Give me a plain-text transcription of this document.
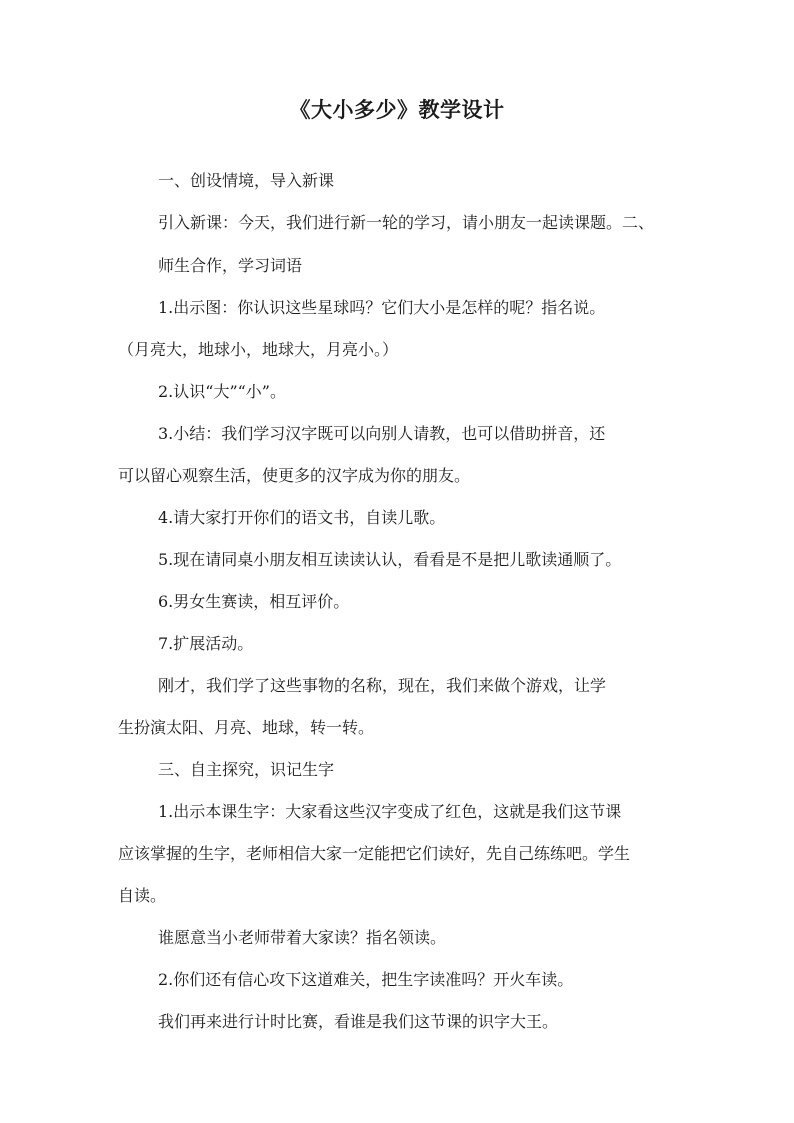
《大小多少》教学设计
一、创设情境，导入新课
引入新课：今天，我们进行新一轮的学习，请小朋友一起读课题。二、
师生合作，学习词语
1.出示图：你认识这些星球吗？它们大小是怎样的呢？指名说。
（月亮大，地球小，地球大，月亮小。）
2.认识“大”“小”。
3.小结：我们学习汉字既可以向别人请教，也可以借助拼音，还
可以留心观察生活，使更多的汉字成为你的朋友。
4.请大家打开你们的语文书，自读儿歌。
5.现在请同桌小朋友相互读读认认，看看是不是把儿歌读通顺了。
6.男女生赛读，相互评价。
7.扩展活动。
刚才，我们学了这些事物的名称，现在，我们来做个游戏，让学
生扮演太阳、月亮、地球，转一转。
三、自主探究，识记生字
1.出示本课生字：大家看这些汉字变成了红色，这就是我们这节课
应该掌握的生字，老师相信大家一定能把它们读好，先自己练练吧。学生
自读。
谁愿意当小老师带着大家读？指名领读。
2.你们还有信心攻下这道难关，把生字读准吗？开火车读。
我们再来进行计时比赛，看谁是我们这节课的识字大王。
